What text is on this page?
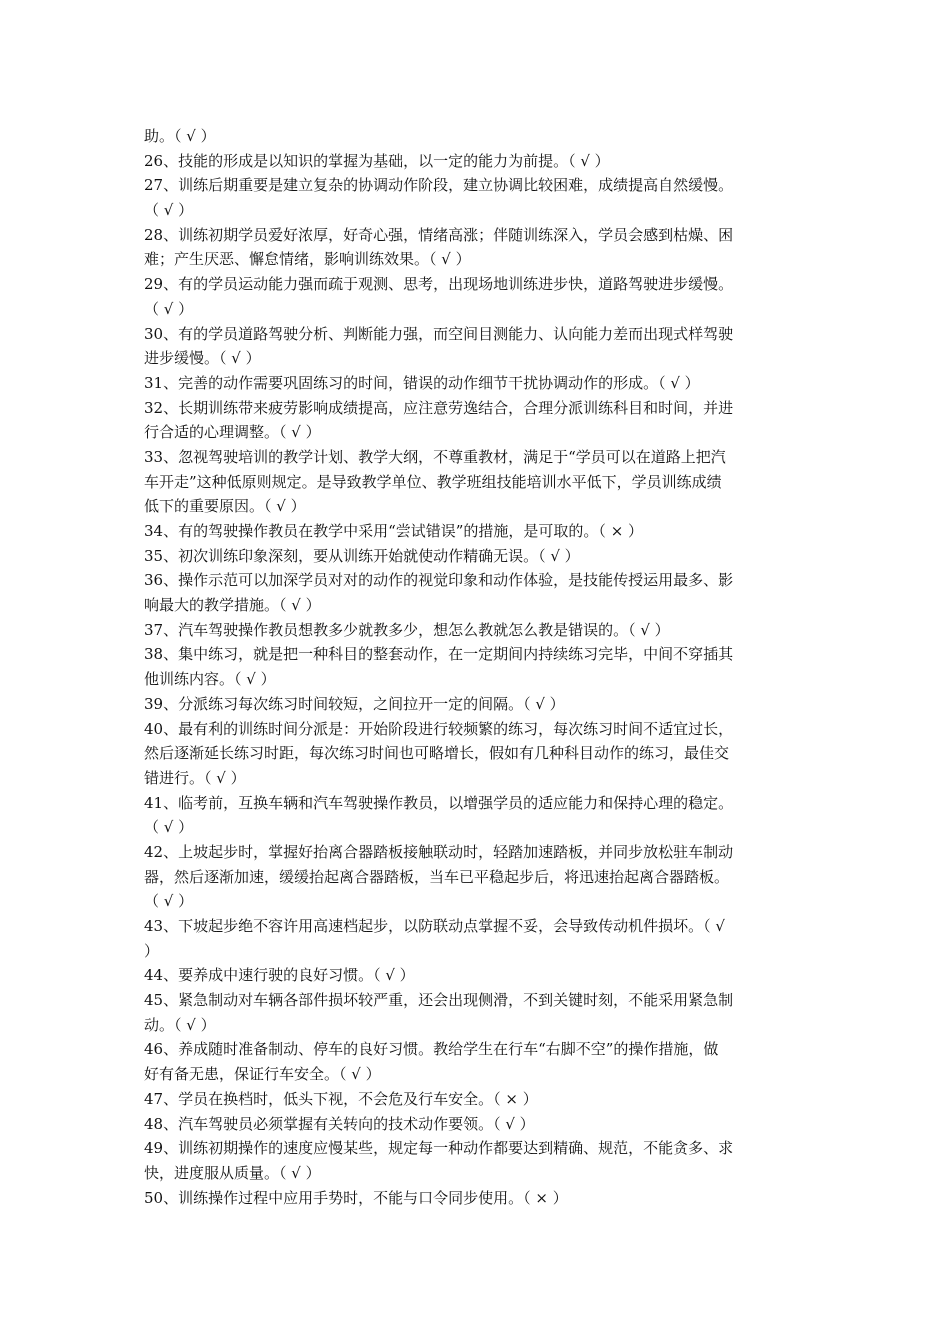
助。（ √ ）
26、技能的形成是以知识的掌握为基础，以一定的能力为前提。（ √ ）
27、训练后期重要是建立复杂的协调动作阶段，建立协调比较困难，成绩提高自然缓慢。
（ √ ）
28、训练初期学员爱好浓厚，好奇心强，情绪高涨；伴随训练深入，学员会感到枯燥、困
难；产生厌恶、懈怠情绪，影响训练效果。（ √ ）
29、有的学员运动能力强而疏于观测、思考，出现场地训练进步快，道路驾驶进步缓慢。
（ √ ）
30、有的学员道路驾驶分析、判断能力强，而空间目测能力、认向能力差而出现式样驾驶
进步缓慢。（ √ ）
31、完善的动作需要巩固练习的时间，错误的动作细节干扰协调动作的形成。（ √ ）
32、长期训练带来疲劳影响成绩提高，应注意劳逸结合，合理分派训练科目和时间，并进
行合适的心理调整。（ √ ）
33、忽视驾驶培训的教学计划、教学大纲，不尊重教材，满足于“学员可以在道路上把汽
车开走”这种低原则规定。是导致教学单位、教学班组技能培训水平低下，学员训练成绩
低下的重要原因。（ √ ）
34、有的驾驶操作教员在教学中采用“尝试错误”的措施，是可取的。（ × ）
35、初次训练印象深刻，要从训练开始就使动作精确无误。（ √ ）
36、操作示范可以加深学员对对的动作的视觉印象和动作体验，是技能传授运用最多、影
响最大的教学措施。（ √ ）
37、汽车驾驶操作教员想教多少就教多少，想怎么教就怎么教是错误的。（ √ ）
38、集中练习，就是把一种科目的整套动作，在一定期间内持续练习完毕，中间不穿插其
他训练内容。（ √ ）
39、分派练习每次练习时间较短，之间拉开一定的间隔。（ √ ）
40、最有利的训练时间分派是：开始阶段进行较频繁的练习，每次练习时间不适宜过长，
然后逐渐延长练习时距，每次练习时间也可略增长，假如有几种科目动作的练习，最佳交
错进行。（ √ ）
41、临考前，互换车辆和汽车驾驶操作教员，以增强学员的适应能力和保持心理的稳定。
（ √ ）
42、上坡起步时，掌握好抬离合器踏板接触联动时，轻踏加速踏板，并同步放松驻车制动
器，然后逐渐加速，缓缓抬起离合器踏板，当车已平稳起步后，将迅速抬起离合器踏板。
（ √ ）
43、下坡起步绝不容许用高速档起步，以防联动点掌握不妥，会导致传动机件损坏。（ √
）
44、要养成中速行驶的良好习惯。（ √ ）
45、紧急制动对车辆各部件损坏较严重，还会出现侧滑，不到关键时刻，不能采用紧急制
动。（ √ ）
46、养成随时准备制动、停车的良好习惯。教给学生在行车“右脚不空”的操作措施，做
好有备无患，保证行车安全。（ √ ）
47、学员在换档时，低头下视，不会危及行车安全。（ × ）
48、汽车驾驶员必须掌握有关转向的技术动作要领。（ √ ）
49、训练初期操作的速度应慢某些，规定每一种动作都要达到精确、规范，不能贪多、求
快，进度服从质量。（ √ ）
50、训练操作过程中应用手势时，不能与口令同步使用。（ × ）
